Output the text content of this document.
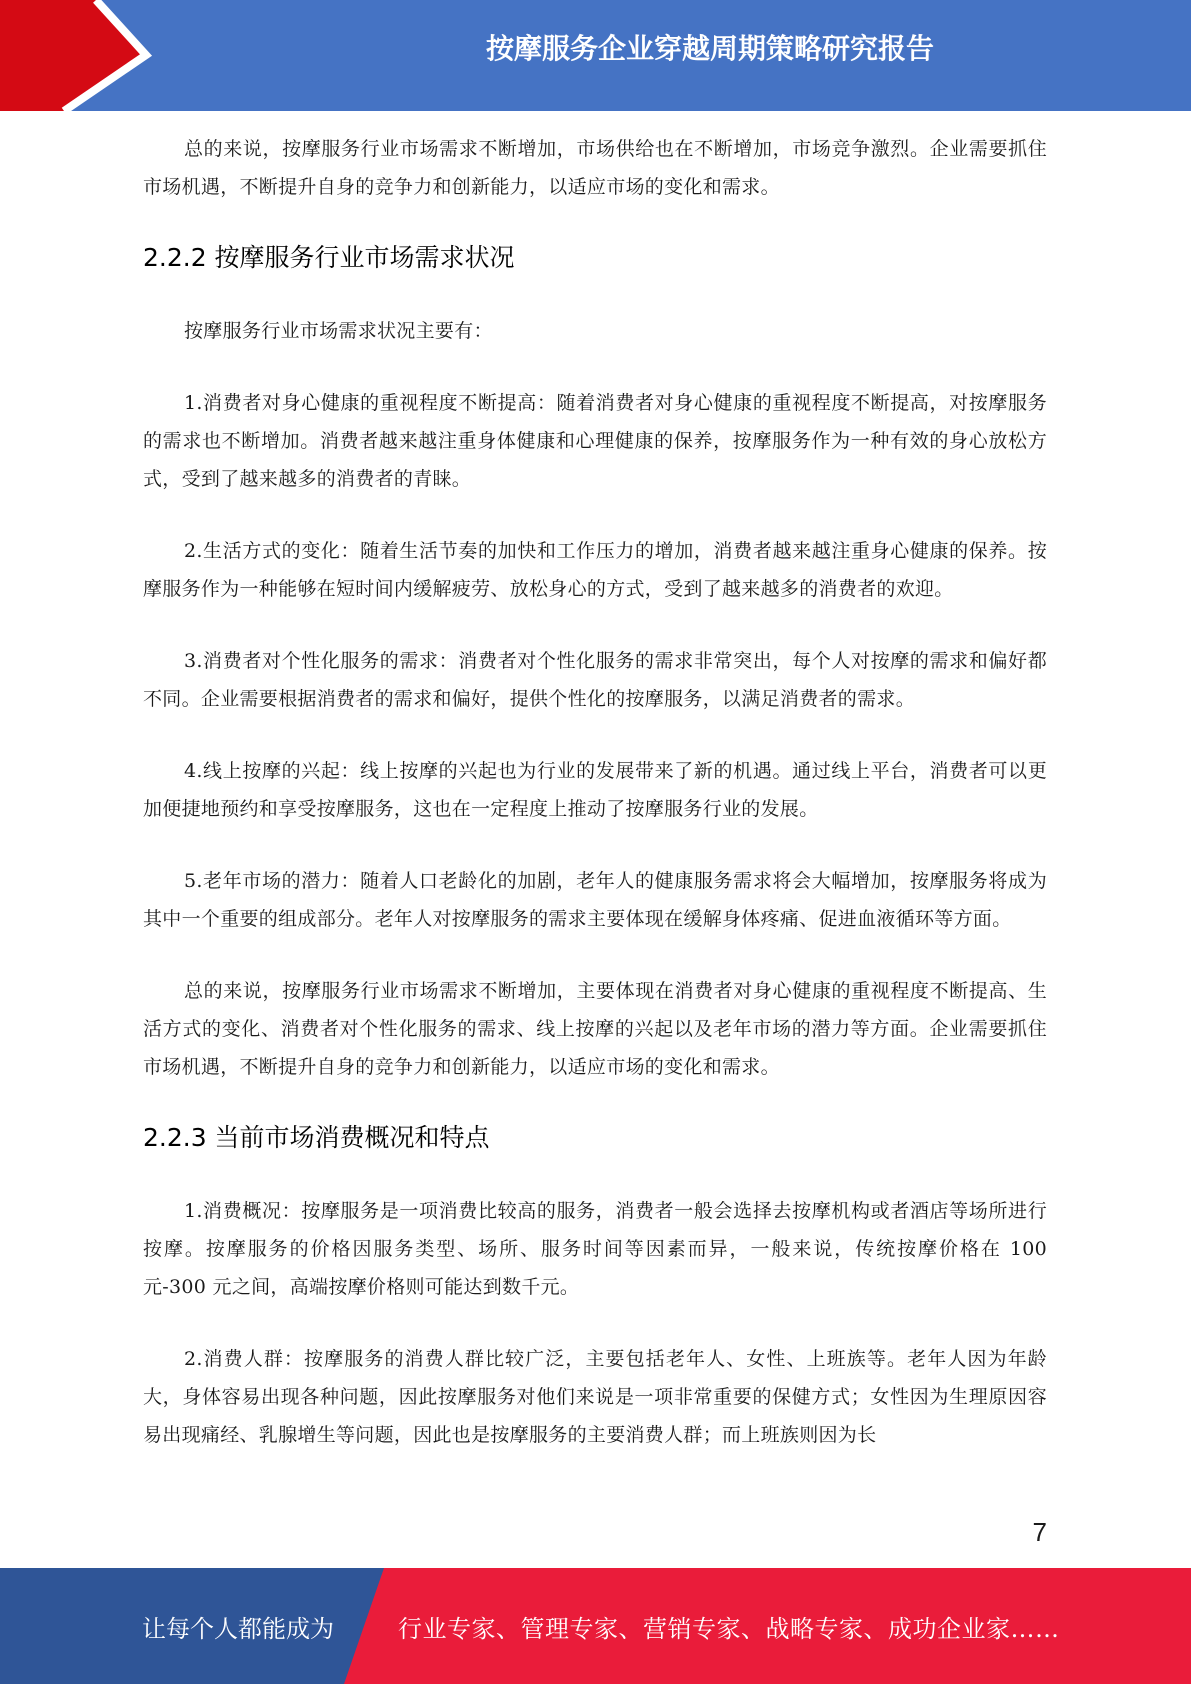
按摩服务企业穿越周期策略研究报告

总的来说，按摩服务行业市场需求不断增加，市场供给也在不断增加，市场竞争激烈。企业需要抓住市场机遇，不断提升自身的竞争力和创新能力，以适应市场的变化和需求。

2.2.2 按摩服务行业市场需求状况

按摩服务行业市场需求状况主要有：

1.消费者对身心健康的重视程度不断提高：随着消费者对身心健康的重视程度不断提高，对按摩服务的需求也不断增加。消费者越来越注重身体健康和心理健康的保养，按摩服务作为一种有效的身心放松方式，受到了越来越多的消费者的青睐。

2.生活方式的变化：随着生活节奏的加快和工作压力的增加，消费者越来越注重身心健康的保养。按摩服务作为一种能够在短时间内缓解疲劳、放松身心的方式，受到了越来越多的消费者的欢迎。

3.消费者对个性化服务的需求：消费者对个性化服务的需求非常突出，每个人对按摩的需求和偏好都不同。企业需要根据消费者的需求和偏好，提供个性化的按摩服务，以满足消费者的需求。

4.线上按摩的兴起：线上按摩的兴起也为行业的发展带来了新的机遇。通过线上平台，消费者可以更加便捷地预约和享受按摩服务，这也在一定程度上推动了按摩服务行业的发展。

5.老年市场的潜力：随着人口老龄化的加剧，老年人的健康服务需求将会大幅增加，按摩服务将成为其中一个重要的组成部分。老年人对按摩服务的需求主要体现在缓解身体疼痛、促进血液循环等方面。

总的来说，按摩服务行业市场需求不断增加，主要体现在消费者对身心健康的重视程度不断提高、生活方式的变化、消费者对个性化服务的需求、线上按摩的兴起以及老年市场的潜力等方面。企业需要抓住市场机遇，不断提升自身的竞争力和创新能力，以适应市场的变化和需求。

2.2.3 当前市场消费概况和特点

1.消费概况：按摩服务是一项消费比较高的服务，消费者一般会选择去按摩机构或者酒店等场所进行按摩。按摩服务的价格因服务类型、场所、服务时间等因素而异，一般来说，传统按摩价格在 100 元-300 元之间，高端按摩价格则可能达到数千元。

2.消费人群：按摩服务的消费人群比较广泛，主要包括老年人、女性、上班族等。老年人因为年龄大，身体容易出现各种问题，因此按摩服务对他们来说是一项非常重要的保健方式；女性因为生理原因容易出现痛经、乳腺增生等问题，因此也是按摩服务的主要消费人群；而上班族则因为长

7
让每个人都能成为	行业专家、管理专家、营销专家、战略专家、成功企业家……
